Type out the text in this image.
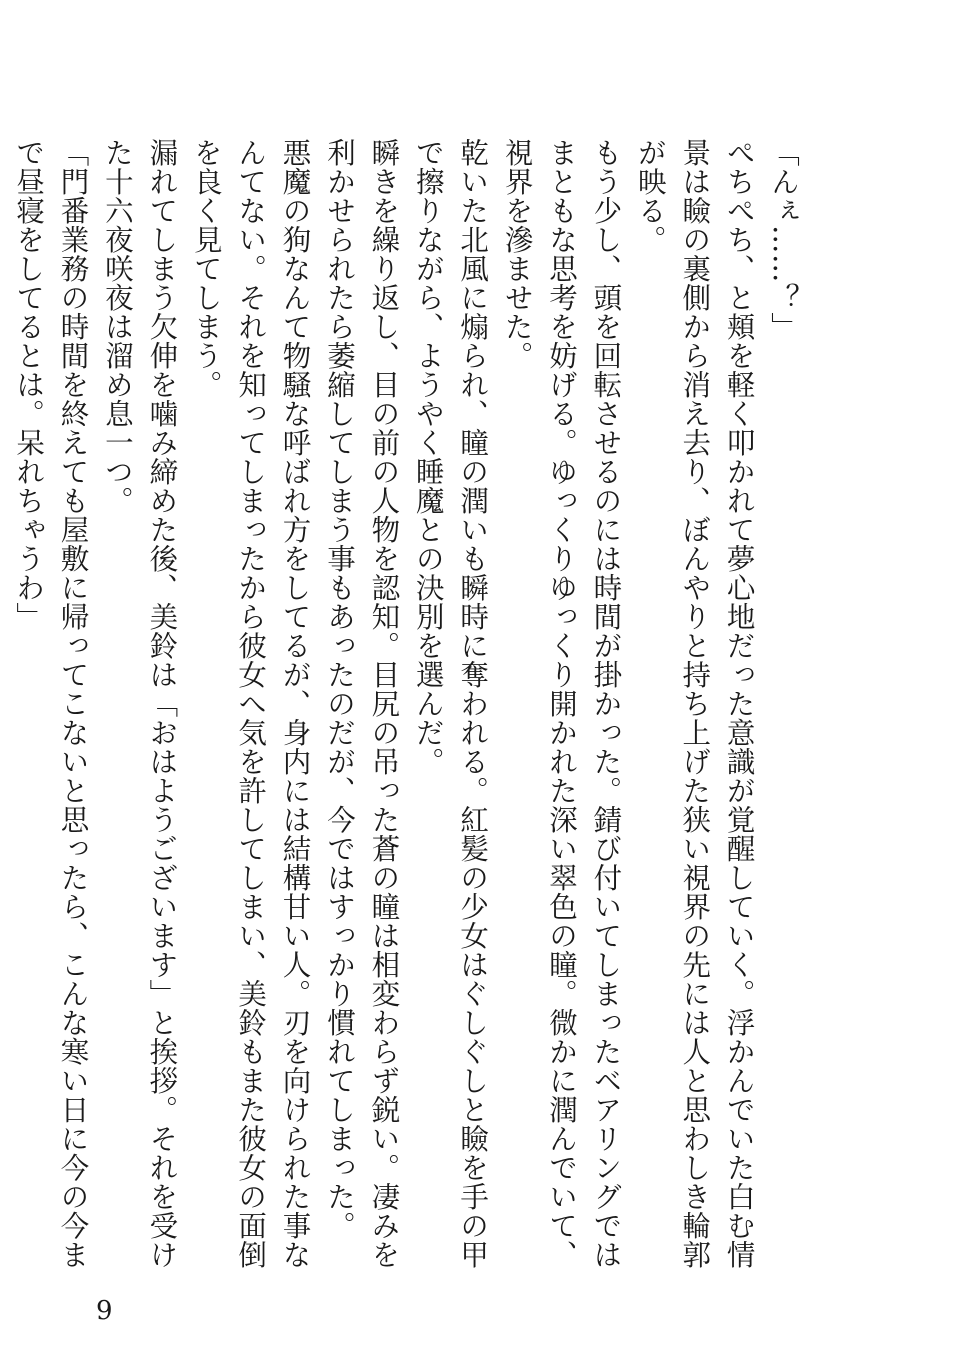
「んぇ……？」

ぺちぺち、と頬を軽く叩かれて夢心地だった意識が覚醒していく。浮かんでいた白む情景は瞼の裏側から消え去り、ぼんやりと持ち上げた狭い視界の先には人と思わしき輪郭が映る。

もう少し、頭を回転させるのには時間が掛かった。錆び付いてしまったベアリングではまともな思考を妨げる。ゆっくりゆっくり開かれた深い翠色の瞳。微かに潤んでいて、視界を滲ませた。

乾いた北風に煽られ、瞳の潤いも瞬時に奪われる。紅髪の少女はぐしぐしと瞼を手の甲で擦りながら、ようやく睡魔との決別を選んだ。

瞬きを繰り返し、目の前の人物を認知。目尻の吊った蒼の瞳は相変わらず鋭い。凄みを利かせられたら萎縮してしまう事もあったのだが、今ではすっかり慣れてしまった。

悪魔の狗なんて物騒な呼ばれ方をしてるが、身内には結構甘い人。刃を向けられた事なんてない。それを知ってしまったから彼女へ気を許してしまい、美鈴もまた彼女の面倒を良く見てしまう。

漏れてしまう欠伸を噛み締めた後、美鈴は「おはようございます」と挨拶。それを受けた十六夜咲夜は溜め息一つ。

「門番業務の時間を終えても屋敷に帰ってこないと思ったら、こんな寒い日に今の今まで昼寝をしてるとは。呆れちゃうわ」

9
